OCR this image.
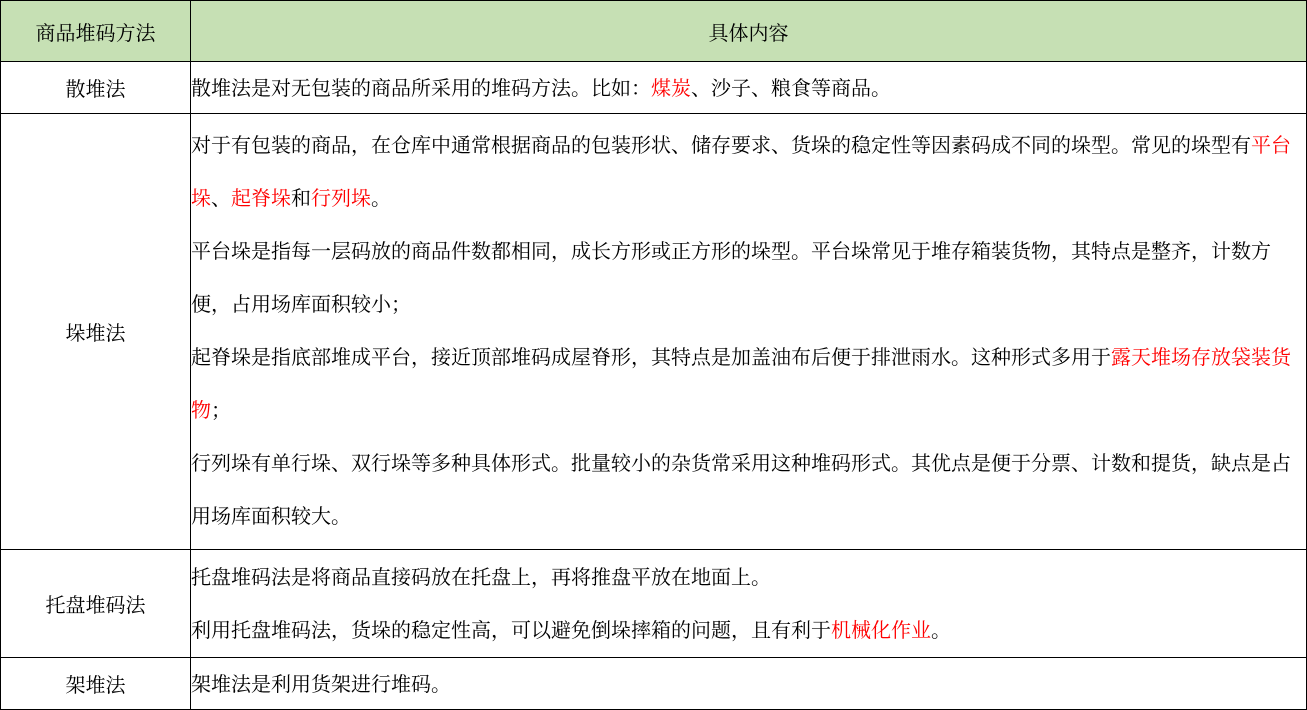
商品堆码方法	具体内容
散堆法	散堆法是对无包装的商品所采用的堆码方法。比如：煤炭、沙子、粮食等商品。

垛堆法	对于有包装的商品，在仓库中通常根据商品的包装形状、储存要求、货垛的稳定性等因素码成不同的垛型。常见的垛型有平台垛、起脊垛和行列垛。
平台垛是指每一层码放的商品件数都相同，成长方形或正方形的垛型。平台垛常见于堆存箱装货物，其特点是整齐，计数方便，占用场库面积较小；
起脊垛是指底部堆成平台，接近顶部堆码成屋脊形，其特点是加盖油布后便于排泄雨水。这种形式多用于露天堆场存放袋装货物；
行列垛有单行垛、双行垛等多种具体形式。批量较小的杂货常采用这种堆码形式。其优点是便于分票、计数和提货，缺点是占用场库面积较大。

托盘堆码法	托盘堆码法是将商品直接码放在托盘上，再将推盘平放在地面上。
利用托盘堆码法，货垛的稳定性高，可以避免倒垛摔箱的问题，且有利于机械化作业。

架堆法	架堆法是利用货架进行堆码。
